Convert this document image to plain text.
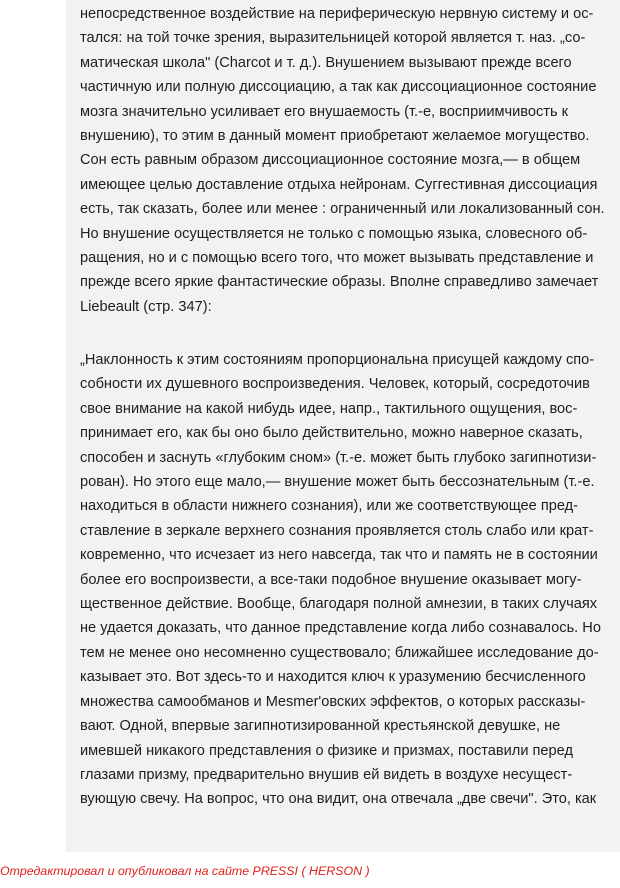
непосредственное воздействие на периферическую нервную систему и ос-
тался: на той точке зрения, выразительницей которой является т. наз. „со-
матическая школа" (Charcot и т. д.). Внушением вызывают прежде всего
частичную или полную диссоциацию, а так как диссоциационное состояние
мозга значительно усиливает его внушаемость (т.-е, восприимчивость к
внушению), то этим в данный момент приобретают желаемое могущество.
Сон есть равным образом диссоциационное состояние мозга,— в общем
имеющее целью доставление отдыха нейронам. Суггестивная диссоциация
есть, так сказать, более или менее : ограниченный или локализованный сон.
Но внушение осуществляется не только с помощью языка, словесного об-
ращения, но и с помощью всего того, что может вызывать представление и
прежде всего яркие фантастические образы. Вполне справедливо замечает
Liebeault (стр. 347):

„Наклонность к этим состояниям пропорциональна присущей каждому спо-
собности их душевного воспроизведения. Человек, который, сосредоточив
свое внимание на какой нибудь идее, напр., тактильного ощущения, вос-
принимает его, как бы оно было действительно, можно наверное сказать,
способен и заснуть «глубоким сном» (т.-е. может быть глубоко загипнотизи-
рован). Но этого еще мало,— внушение может быть бессознательным (т.-е.
находиться в области нижнего сознания), или же соответствующее пред-
ставление в зеркале верхнего сознания проявляется столь слабо или крат-
ковременно, что исчезает из него навсегда, так что и память не в состоянии
более его воспроизвести, а все-таки подобное внушение оказывает могу-
щественное действие. Вообще, благодаря полной амнезии, в таких случаях
не удается доказать, что данное представление когда либо сознавалось. Но
тем не менее оно несомненно существовало; ближайшее исследование до-
казывает это. Вот здесь-то и находится ключ к уразумению бесчисленного
множества самообманов и Mesmer'овских эффектов, о которых рассказы-
вают. Одной, впервые загипнотизированной крестьянской девушке, не
имевшей никакого представления о физике и призмах, поставили перед
глазами призму, предварительно внушив ей видеть в воздухе несущест-
вующую свечу. На вопрос, что она видит, она отвечала „две свечи". Это, как

Отредактировал и опубликовал на сайте PRESSI ( HERSON )
